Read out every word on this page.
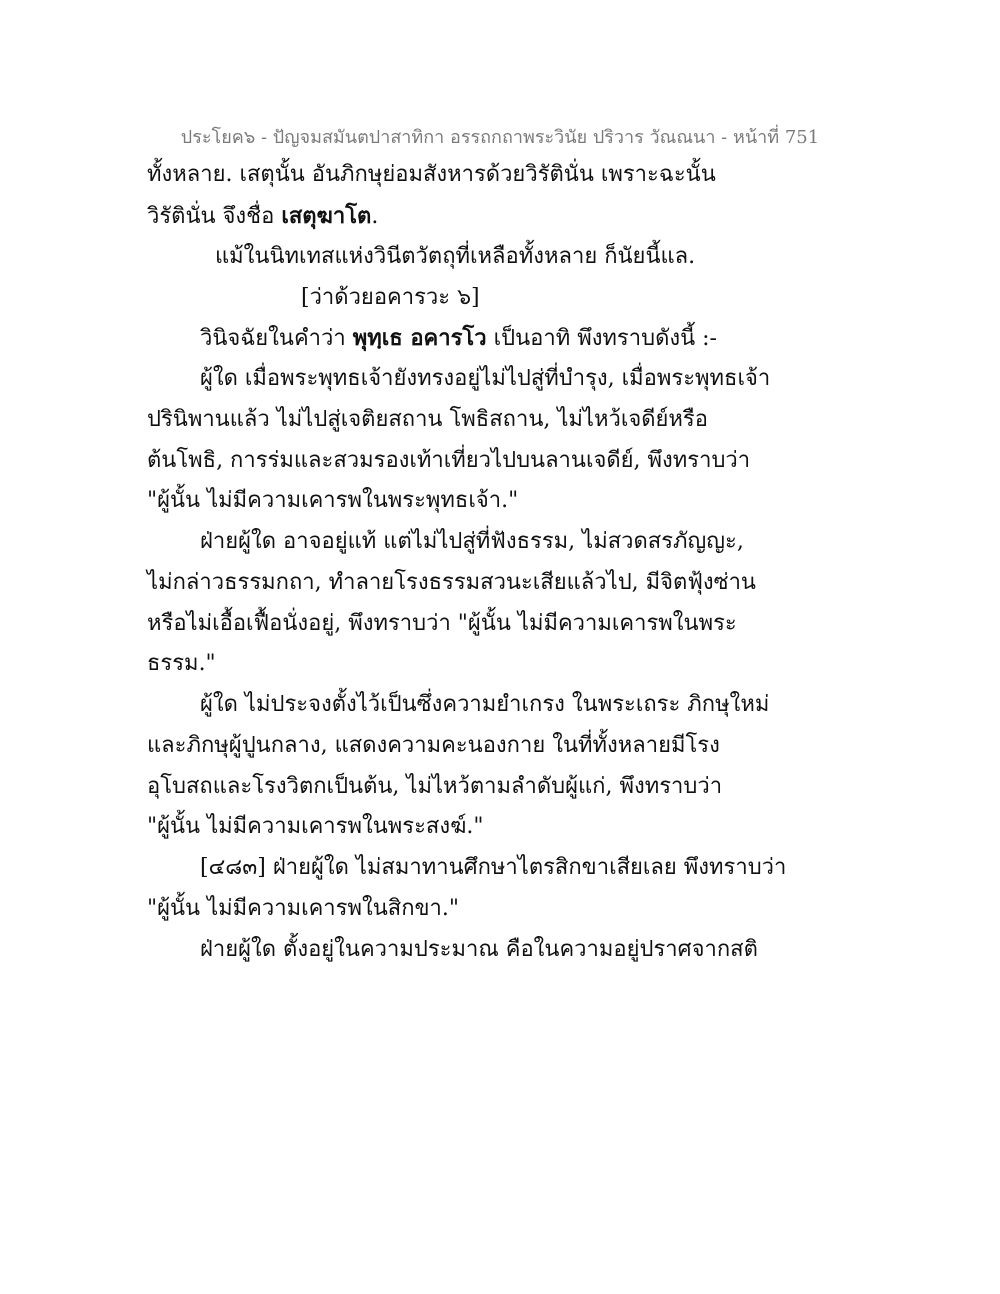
ประโยค๖ - ปัญจมสมันตปาสาทิกา อรรถกถาพระวินัย ปริวาร วัณณนา - หน้าที่ 751
ทั้งหลาย. เสตุนั้น อันภิกษุย่อมสังหารด้วยวิรัตินั่น เพราะฉะนั้น
วิรัตินั่น จึงชื่อ เสตุฆาโต.
แม้ในนิทเทสแห่งวินีตวัตถุที่เหลือทั้งหลาย ก็นัยนี้แล.
[ว่าด้วยอคารวะ ๖]
วินิจฉัยในคำว่า พุทฺเธ อคารโว เป็นอาทิ พึงทราบดังนี้ :-
ผู้ใด เมื่อพระพุทธเจ้ายังทรงอยู่ไม่ไปสู่ที่บำรุง, เมื่อพระพุทธเจ้า
ปรินิพานแล้ว ไม่ไปสู่เจติยสถาน โพธิสถาน, ไม่ไหว้เจดีย์หรือ
ต้นโพธิ, การร่มและสวมรองเท้าเที่ยวไปบนลานเจดีย์, พึงทราบว่า
"ผู้นั้น ไม่มีความเคารพในพระพุทธเจ้า."
ฝ่ายผู้ใด อาจอยู่แท้ แต่ไม่ไปสู่ที่ฟังธรรม, ไม่สวดสรภัญญะ,
ไม่กล่าวธรรมกถา, ทำลายโรงธรรมสวนะเสียแล้วไป, มีจิตฟุ้งซ่าน
หรือไม่เอื้อเฟื้อนั่งอยู่, พึงทราบว่า "ผู้นั้น ไม่มีความเคารพในพระ
ธรรม."
ผู้ใด ไม่ประจงตั้งไว้เป็นซึ่งความยำเกรง ในพระเถระ ภิกษุใหม่
และภิกษุผู้ปูนกลาง, แสดงความคะนองกาย ในที่ทั้งหลายมีโรง
อุโบสถและโรงวิตกเป็นต้น, ไม่ไหว้ตามลำดับผู้แก่, พึงทราบว่า
"ผู้นั้น ไม่มีความเคารพในพระสงฆ์."
[๔๘๓] ฝ่ายผู้ใด ไม่สมาทานศึกษาไตรสิกขาเสียเลย พึงทราบว่า
"ผู้นั้น ไม่มีความเคารพในสิกขา."
ฝ่ายผู้ใด ตั้งอยู่ในความประมาณ คือในความอยู่ปราศจากสติ
